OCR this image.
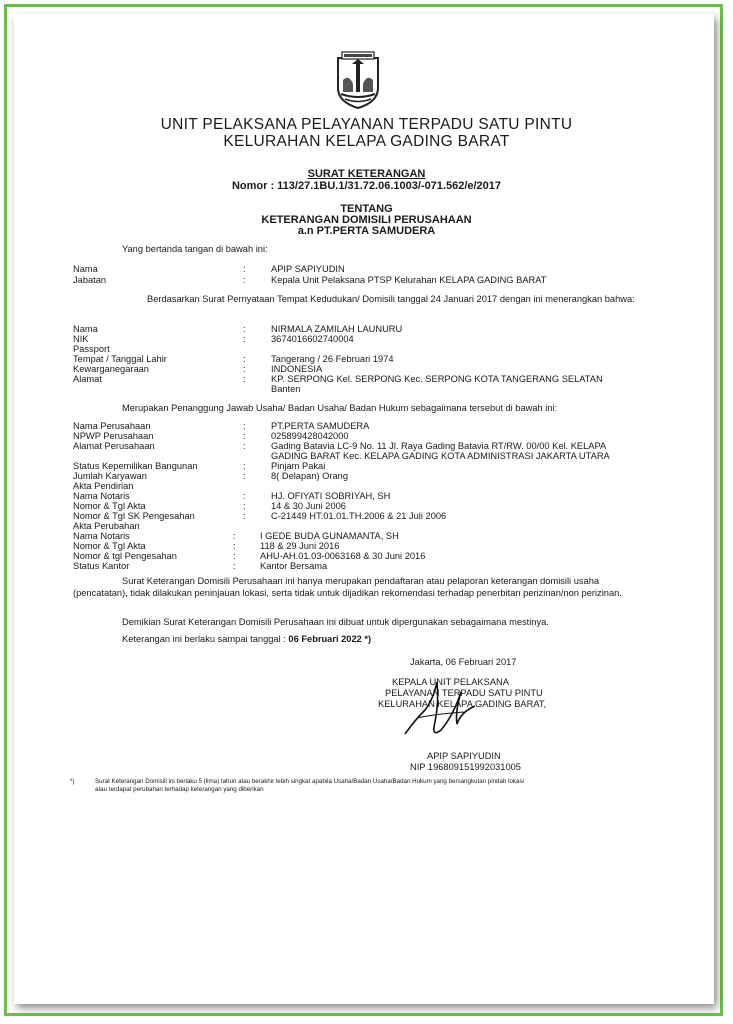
UNIT PELAKSANA PELAYANAN TERPADU SATU PINTU
KELURAHAN KELAPA GADING BARAT
SURAT KETERANGAN
Nomor : 113/27.1BU.1/31.72.06.1003/-071.562/e/2017
TENTANG
KETERANGAN DOMISILI PERUSAHAAN
a.n PT.PERTA SAMUDERA
Yang bertanda tangan di bawah ini:
Nama	:	APIP SAPIYUDIN
Jabatan	:	Kepala Unit Pelaksana PTSP Kelurahan KELAPA GADING BARAT
Berdasarkan Surat Pernyataan Tempat Kedudukan/ Domisili tanggal 24 Januari 2017 dengan ini menerangkan bahwa:
Nama	:	NIRMALA ZAMILAH LAUNURU
NIK	:	3674016602740004
Passport
Tempat / Tanggal Lahir	:	Tangerang / 26 Februari 1974
Kewarganegaraan	:	INDONESIA
Alamat	:	KP. SERPONG Kel. SERPONG Kec. SERPONG KOTA TANGERANG SELATAN
Banten
Merupakan Penanggung Jawab Usaha/ Badan Usaha/ Badan Hukum sebagaimana tersebut di bawah ini:
Nama Perusahaan	:	PT.PERTA SAMUDERA
NPWP Perusahaan	:	025899428042000
Alamat Perusahaan	:	Gading Batavia LC-9 No. 11 Jl. Raya Gading Batavia RT/RW. 00/00 Kel. KELAPA
GADING BARAT Kec. KELAPA GADING KOTA ADMINISTRASI JAKARTA UTARA
Status Kepemilikan Bangunan	:	Pinjam Pakai
Jumlah Karyawan	:	8( Delapan) Orang
Akta Pendirian
Nama Notaris	:	HJ. OFIYATI SOBRIYAH, SH
Nomor & Tgl Akta	:	14 & 30 Juni 2006
Nomor & Tgl SK Pengesahan	:	C-21449 HT.01.01.TH.2006 & 21 Juli 2006
Akta Perubahan
Nama Notaris	:	I GEDE BUDA GUNAMANTA, SH
Nomor & Tgl Akta	:	118 & 29 Juni 2016
Nomor & tgl Pengesahan	:	AHU-AH.01.03-0063168 & 30 Juni 2016
Status Kantor	:	Kantor Bersama
Surat Keterangan Domisili Perusahaan ini hanya merupakan pendaftaran atau pelaporan keterangan domisili usaha (pencatatan), tidak dilakukan peninjauan lokasi, serta tidak untuk dijadikan rekomendasi terhadap penerbitan perizinan/non perizinan.
Demikian Surat Keterangan Domisili Perusahaan ini dibuat untuk dipergunakan sebagaimana mestinya.
Keterangan ini berlaku sampai tanggal : 06 Februari 2022 *)
Jakarta, 06 Februari 2017
KEPALA UNIT PELAKSANA
PELAYANAN TERPADU SATU PINTU
KELURAHAN KELAPA GADING BARAT,
APIP SAPIYUDIN
NIP 196809151992031005
*)	Surat Keterangan Domisili ini berlaku 5 (lima) tahun atau berakhir lebih singkat apabila Usaha/Badan Usaha/Badan Hukum yang bersangkutan pindah lokasi
atau terdapat perubahan terhadap keterangan yang diberikan
